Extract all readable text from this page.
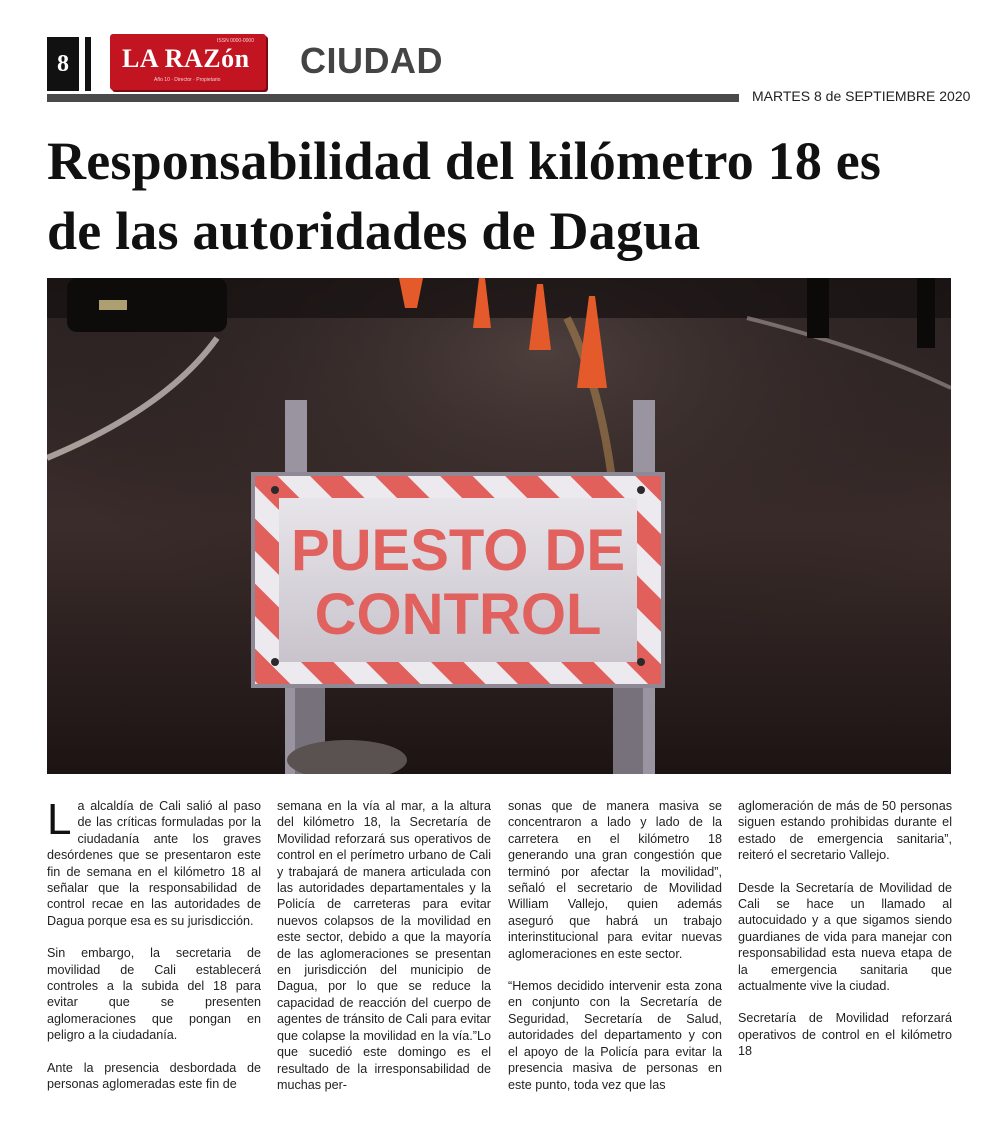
8
ISSN 0000-0000
LA RAZón
Año 10 · Director · Propietario CIUDAD
MARTES 8 de SEPTIEMBRE 2020
Responsabilidad del kilómetro 18 es de las autoridades de Dagua
PUESTO DE
CONTROL

La alcaldía de Cali salió al paso de las críticas formuladas por la ciudadanía ante los graves desórdenes que se presentaron este fin de semana en el kilómetro 18 al señalar que la responsabilidad de control recae en las autoridades de Dagua porque esa es su jurisdicción.

Sin embargo, la secretaria de movilidad de Cali establecerá controles a la subida del 18 para evitar que se presenten aglomeraciones que pongan en peligro a la ciudadanía.

Ante la presencia desbordada de personas aglomeradas este fin de

semana en la vía al mar, a la altura del kilómetro 18, la Secretaría de Movilidad reforzará sus operativos de control en el perímetro urbano de Cali y trabajará de manera articulada con las autoridades departamentales y la Policía de carreteras para evitar nuevos colapsos de la movilidad en este sector, debido a que la mayoría de las aglomeraciones se presentan en jurisdicción del municipio de Dagua, por lo que se reduce la capacidad de reacción del cuerpo de agentes de tránsito de Cali para evitar que colapse la movilidad en la vía.”Lo que sucedió este domingo es el resultado de la irresponsabilidad de muchas per-

sonas que de manera masiva se concentraron a lado y lado de la carretera en el kilómetro 18 generando una gran congestión que terminó por afectar la movilidad”, señaló el secretario de Movilidad William Vallejo, quien además aseguró que habrá un trabajo interinstitucional para evitar nuevas aglomeraciones en este sector.

“Hemos decidido intervenir esta zona en conjunto con la Secretaría de Seguridad, Secretaría de Salud, autoridades del departamento y con el apoyo de la Policía para evitar la presencia masiva de personas en este punto, toda vez que las

aglomeración de más de 50 personas siguen estando prohibidas durante el estado de emergencia sanitaria”, reiteró el secretario Vallejo.

Desde la Secretaría de Movilidad de Cali se hace un llamado al autocuidado y a que sigamos siendo guardianes de vida para manejar con responsabilidad esta nueva etapa de la emergencia sanitaria que actualmente vive la ciudad.

Secretaría de Movilidad reforzará operativos de control en el kilómetro 18
